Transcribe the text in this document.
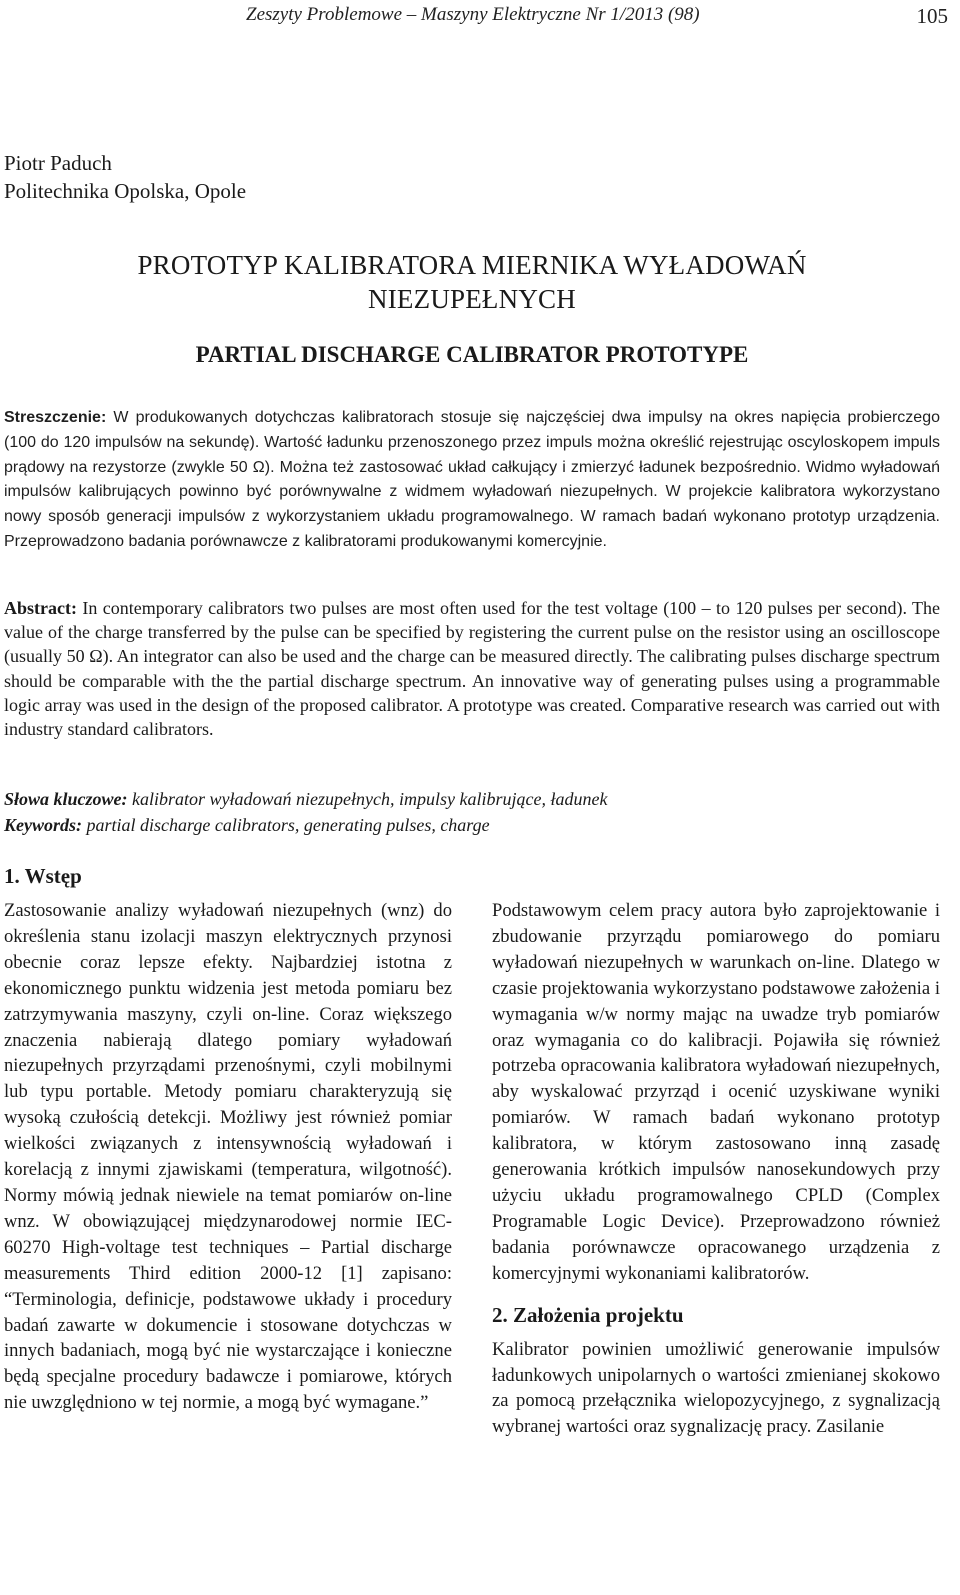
Zeszyty Problemowe – Maszyny Elektryczne Nr 1/2013 (98)	105
Piotr Paduch
Politechnika Opolska, Opole
PROTOTYP KALIBRATORA MIERNIKA WYŁADOWAŃ
NIEZUPEŁNYCH
PARTIAL DISCHARGE CALIBRATOR PROTOTYPE
Streszczenie: W produkowanych dotychczas kalibratorach stosuje się najczęściej dwa impulsy na okres napięcia probierczego (100 do 120 impulsów na sekundę). Wartość ładunku przenoszonego przez impuls można określić rejestrując oscyloskopem impuls prądowy na rezystorze (zwykle 50 Ω). Można też zastosować układ całkujący i zmierzyć ładunek bezpośrednio. Widmo wyładowań impulsów kalibrujących powinno być porównywalne z widmem wyładowań niezupełnych. W projekcie kalibratora wykorzystano nowy sposób generacji impulsów z wykorzystaniem układu programowalnego. W ramach badań wykonano prototyp urządzenia. Przeprowadzono badania porównawcze z kalibratorami produkowanymi komercyjnie.
Abstract: In contemporary calibrators two pulses are most often used for the test voltage (100 – to 120 pulses per second). The value of the charge transferred by the pulse can be specified by registering the current pulse on the resistor using an oscilloscope (usually 50 Ω). An integrator can also be used and the charge can be measured directly. The calibrating pulses discharge spectrum should be comparable with the the partial discharge spectrum. An innovative way of generating pulses using a programmable logic array was used in the design of the proposed calibrator. A prototype was created. Comparative research was carried out with industry standard calibrators.
Słowa kluczowe: kalibrator wyładowań niezupełnych, impulsy kalibrujące, ładunek
Keywords: partial discharge calibrators, generating pulses, charge
1. Wstęp

Zastosowanie analizy wyładowań niezupełnych (wnz) do określenia stanu izolacji maszyn elektrycznych przynosi obecnie coraz lepsze efekty. Najbardziej istotna z ekonomicznego punktu widzenia jest metoda pomiaru bez zatrzymywania maszyny, czyli on-line. Coraz większego znaczenia nabierają dlatego pomiary wyładowań niezupełnych przyrządami przenośnymi, czyli mobilnymi lub typu portable. Metody pomiaru charakteryzują się wysoką czułością detekcji. Możliwy jest również pomiar wielkości związanych z intensywnością wyładowań i korelacją z innymi zjawiskami (temperatura, wilgotność). Normy mówią jednak niewiele na temat pomiarów on-line wnz. W obowiązującej międzynarodowej normie IEC-60270 High-voltage test techniques – Partial discharge measurements Third edition 2000-12 [1] zapisano: “Terminologia, definicje, podstawowe układy i procedury badań zawarte w dokumencie i stosowane dotychczas w innych badaniach, mogą być nie wystarczające i konieczne będą specjalne procedury badawcze i pomiarowe, których nie uwzględniono w tej normie, a mogą być wymagane.”

Podstawowym celem pracy autora było zaprojektowanie i zbudowanie przyrządu pomiarowego do pomiaru wyładowań niezupełnych w warunkach on-line. Dlatego w czasie projektowania wykorzystano podstawowe założenia i wymagania w/w normy mając na uwadze tryb pomiarów oraz wymagania co do kalibracji. Pojawiła się również potrzeba opracowania kalibratora wyładowań niezupełnych, aby wyskalować przyrząd i ocenić uzyskiwane wyniki pomiarów. W ramach badań wykonano prototyp kalibratora, w którym zastosowano inną zasadę generowania krótkich impulsów nanosekundowych przy użyciu układu programowalnego CPLD (Complex Programable Logic Device). Przeprowadzono również badania porównawcze opracowanego urządzenia z komercyjnymi wykonaniami kalibratorów.

2. Założenia projektu

Kalibrator powinien umożliwić generowanie impulsów ładunkowych unipolarnych o wartości zmienianej skokowo za pomocą przełącznika wielopozycyjnego, z sygnalizacją wybranej wartości oraz sygnalizację pracy. Zasilanie
